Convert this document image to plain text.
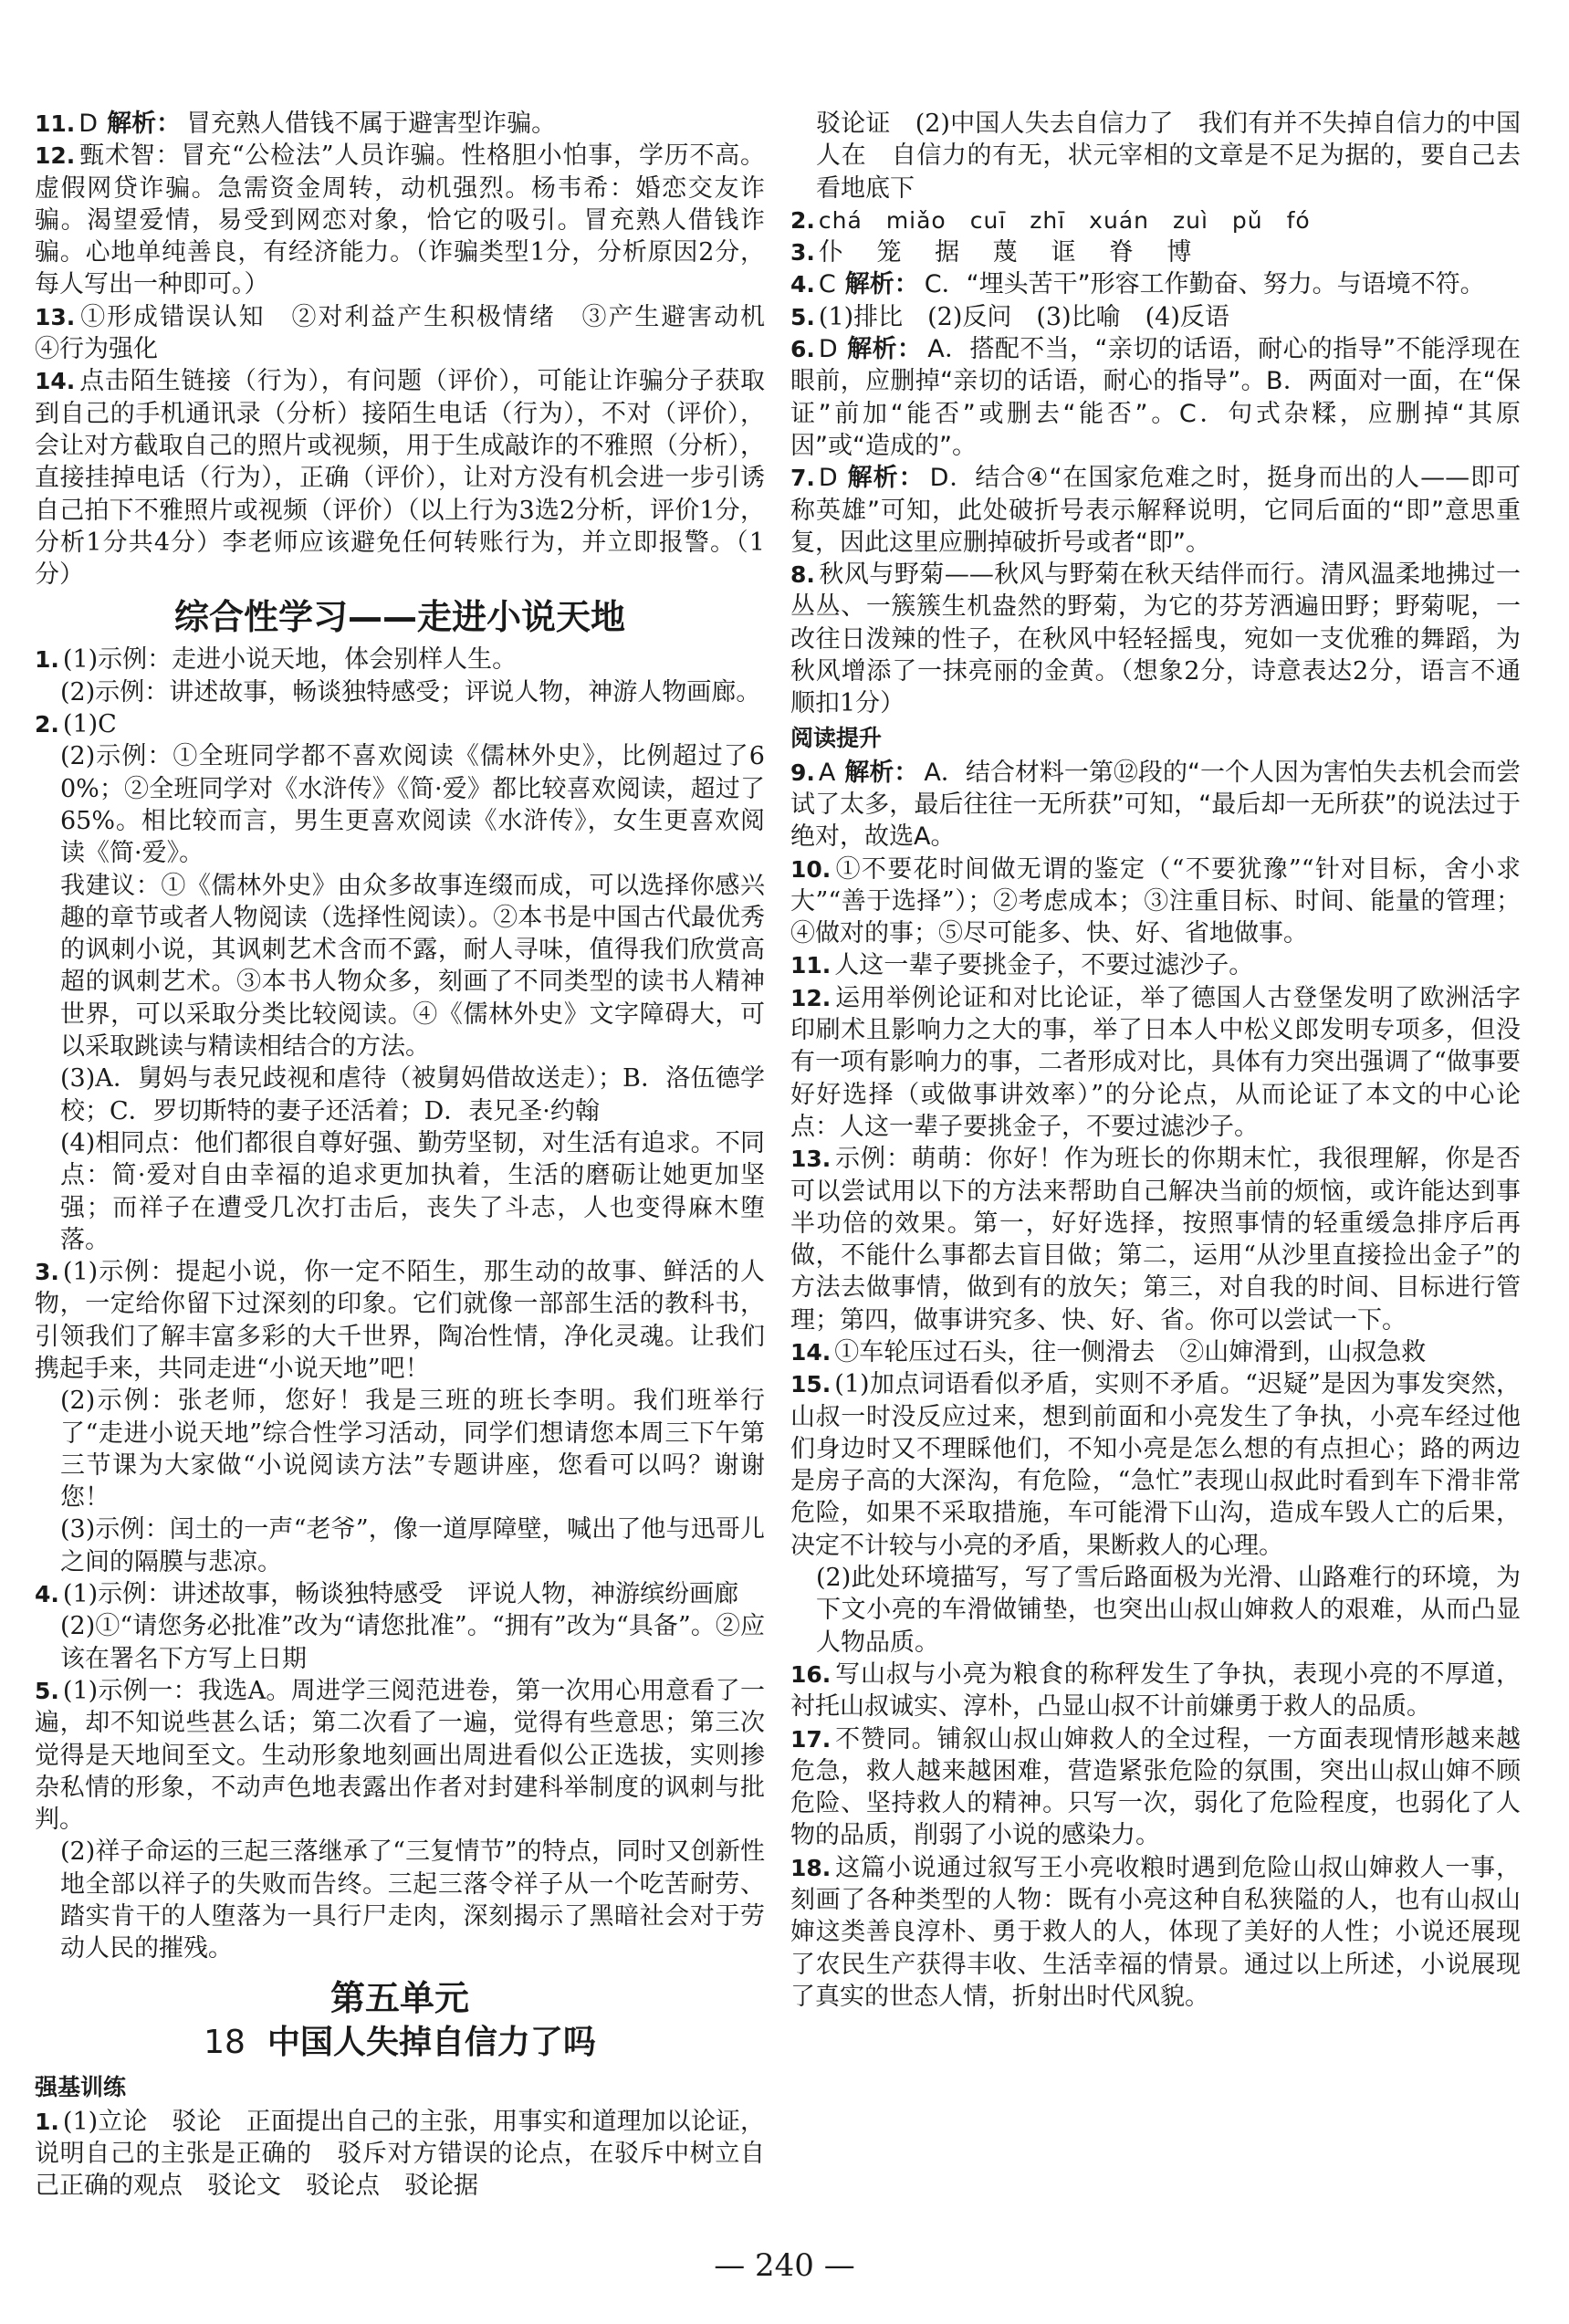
11. D 解析： 冒充熟人借钱不属于避害型诈骗。

12. 甄术智：冒充“公检法”人员诈骗。性格胆小怕事，学历不高。虚假网贷诈骗。急需资金周转，动机强烈。杨韦希：婚恋交友诈骗。渴望爱情，易受到网恋对象，恰它的吸引。冒充熟人借钱诈骗。心地单纯善良，有经济能力。（诈骗类型1分，分析原因2分，每人写出一种即可。）

13. ①形成错误认知　②对利益产生积极情绪　③产生避害动机　④行为强化

14. 点击陌生链接（行为），有问题（评价），可能让诈骗分子获取到自己的手机通讯录（分析）接陌生电话（行为），不对（评价），会让对方截取自己的照片或视频，用于生成敲诈的不雅照（分析），直接挂掉电话（行为），正确（评价），让对方没有机会进一步引诱自己拍下不雅照片或视频（评价）（以上行为3选2分析，评价1分，分析1分共4分）李老师应该避免任何转账行为，并立即报警。（1分）

综合性学习——走进小说天地

1. (1)示例：走进小说天地，体会别样人生。

(2)示例：讲述故事，畅谈独特感受；评说人物，神游人物画廊。

2. (1)C

(2)示例：①全班同学都不喜欢阅读《儒林外史》，比例超过了60%；②全班同学对《水浒传》《简·爱》都比较喜欢阅读，超过了65%。相比较而言，男生更喜欢阅读《水浒传》，女生更喜欢阅读《简·爱》。

我建议：①《儒林外史》由众多故事连缀而成，可以选择你感兴趣的章节或者人物阅读（选择性阅读）。②本书是中国古代最优秀的讽刺小说，其讽刺艺术含而不露，耐人寻味，值得我们欣赏高超的讽刺艺术。③本书人物众多，刻画了不同类型的读书人精神世界，可以采取分类比较阅读。④《儒林外史》文字障碍大，可以采取跳读与精读相结合的方法。

(3)A．舅妈与表兄歧视和虐待（被舅妈借故送走）；B．洛伍德学校；C．罗切斯特的妻子还活着；D．表兄圣·约翰

(4)相同点：他们都很自尊好强、勤劳坚韧，对生活有追求。不同点：简·爱对自由幸福的追求更加执着，生活的磨砺让她更加坚强；而祥子在遭受几次打击后，丧失了斗志，人也变得麻木堕落。

3. (1)示例：提起小说，你一定不陌生，那生动的故事、鲜活的人物，一定给你留下过深刻的印象。它们就像一部部生活的教科书，引领我们了解丰富多彩的大千世界，陶冶性情，净化灵魂。让我们携起手来，共同走进“小说天地”吧！

(2)示例：张老师，您好！我是三班的班长李明。我们班举行了“走进小说天地”综合性学习活动，同学们想请您本周三下午第三节课为大家做“小说阅读方法”专题讲座，您看可以吗？谢谢您！

(3)示例：闰土的一声“老爷”，像一道厚障壁，喊出了他与迅哥儿之间的隔膜与悲凉。

4. (1)示例：讲述故事，畅谈独特感受　评说人物，神游缤纷画廊

(2)①“请您务必批准”改为“请您批准”。“拥有”改为“具备”。②应该在署名下方写上日期

5. (1)示例一：我选A。周进学三阅范进卷，第一次用心用意看了一遍，却不知说些甚么话；第二次看了一遍，觉得有些意思；第三次觉得是天地间至文。生动形象地刻画出周进看似公正选拔，实则掺杂私情的形象，不动声色地表露出作者对封建科举制度的讽刺与批判。

(2)祥子命运的三起三落继承了“三复情节”的特点，同时又创新性地全部以祥子的失败而告终。三起三落令祥子从一个吃苦耐劳、踏实肯干的人堕落为一具行尸走肉，深刻揭示了黑暗社会对于劳动人民的摧残。

第五单元
18 中国人失掉自信力了吗
强基训练

1. (1)立论　驳论　正面提出自己的主张，用事实和道理加以论证，说明自己的主张是正确的　驳斥对方错误的论点，在驳斥中树立自己正确的观点　驳论文　驳论点　驳论据

驳论证　(2)中国人失去自信力了　我们有并不失掉自信力的中国人在　自信力的有无，状元宰相的文章是不足为据的，要自己去看地底下

2. chá　miǎo　cuī　zhī　xuán　zuì　pǔ　fó

3. 仆 笼 据 蔑 诓 脊 博

4. C 解析： C．“埋头苦干”形容工作勤奋、努力。与语境不符。

5. (1)排比　(2)反问　(3)比喻　(4)反语

6. D 解析： A．搭配不当，“亲切的话语，耐心的指导”不能浮现在眼前，应删掉“亲切的话语，耐心的指导”。B．两面对一面，在“保证”前加“能否”或删去“能否”。C．句式杂糅，应删掉“其原因”或“造成的”。

7. D 解析： D．结合④“在国家危难之时，挺身而出的人——即可称英雄”可知，此处破折号表示解释说明，它同后面的“即”意思重复，因此这里应删掉破折号或者“即”。

8. 秋风与野菊——秋风与野菊在秋天结伴而行。清风温柔地拂过一丛丛、一簇簇生机盎然的野菊，为它的芬芳洒遍田野；野菊呢，一改往日泼辣的性子，在秋风中轻轻摇曳，宛如一支优雅的舞蹈，为秋风增添了一抹亮丽的金黄。（想象2分，诗意表达2分，语言不通顺扣1分）

阅读提升

9. A 解析： A．结合材料一第⑫段的“一个人因为害怕失去机会而尝试了太多，最后往往一无所获”可知，“最后却一无所获”的说法过于绝对，故选A。

10. ①不要花时间做无谓的鉴定（“不要犹豫”“针对目标，舍小求大”“善于选择”）；②考虑成本；③注重目标、时间、能量的管理；④做对的事；⑤尽可能多、快、好、省地做事。

11. 人这一辈子要挑金子，不要过滤沙子。

12. 运用举例论证和对比论证，举了德国人古登堡发明了欧洲活字印刷术且影响力之大的事，举了日本人中松义郎发明专项多，但没有一项有影响力的事，二者形成对比，具体有力突出强调了“做事要好好选择（或做事讲效率）”的分论点，从而论证了本文的中心论点：人这一辈子要挑金子，不要过滤沙子。

13. 示例：萌萌：你好！作为班长的你期末忙，我很理解，你是否可以尝试用以下的方法来帮助自己解决当前的烦恼，或许能达到事半功倍的效果。第一，好好选择，按照事情的轻重缓急排序后再做，不能什么事都去盲目做；第二，运用“从沙里直接捡出金子”的方法去做事情，做到有的放矢；第三，对自我的时间、目标进行管理；第四，做事讲究多、快、好、省。你可以尝试一下。

14. ①车轮压过石头，往一侧滑去　②山婶滑到，山叔急救

15. (1)加点词语看似矛盾，实则不矛盾。“迟疑”是因为事发突然，山叔一时没反应过来，想到前面和小亮发生了争执，小亮车经过他们身边时又不理睬他们，不知小亮是怎么想的有点担心；路的两边是房子高的大深沟，有危险，“急忙”表现山叔此时看到车下滑非常危险，如果不采取措施，车可能滑下山沟，造成车毁人亡的后果，决定不计较与小亮的矛盾，果断救人的心理。

(2)此处环境描写，写了雪后路面极为光滑、山路难行的环境，为下文小亮的车滑做铺垫，也突出山叔山婶救人的艰难，从而凸显人物品质。

16. 写山叔与小亮为粮食的称秤发生了争执，表现小亮的不厚道，衬托山叔诚实、淳朴，凸显山叔不计前嫌勇于救人的品质。

17. 不赞同。铺叙山叔山婶救人的全过程，一方面表现情形越来越危急，救人越来越困难，营造紧张危险的氛围，突出山叔山婶不顾危险、坚持救人的精神。只写一次，弱化了危险程度，也弱化了人物的品质，削弱了小说的感染力。

18. 这篇小说通过叙写王小亮收粮时遇到危险山叔山婶救人一事，刻画了各种类型的人物：既有小亮这种自私狭隘的人，也有山叔山婶这类善良淳朴、勇于救人的人，体现了美好的人性；小说还展现了农民生产获得丰收、生活幸福的情景。通过以上所述，小说展现了真实的世态人情，折射出时代风貌。

— 240 —
